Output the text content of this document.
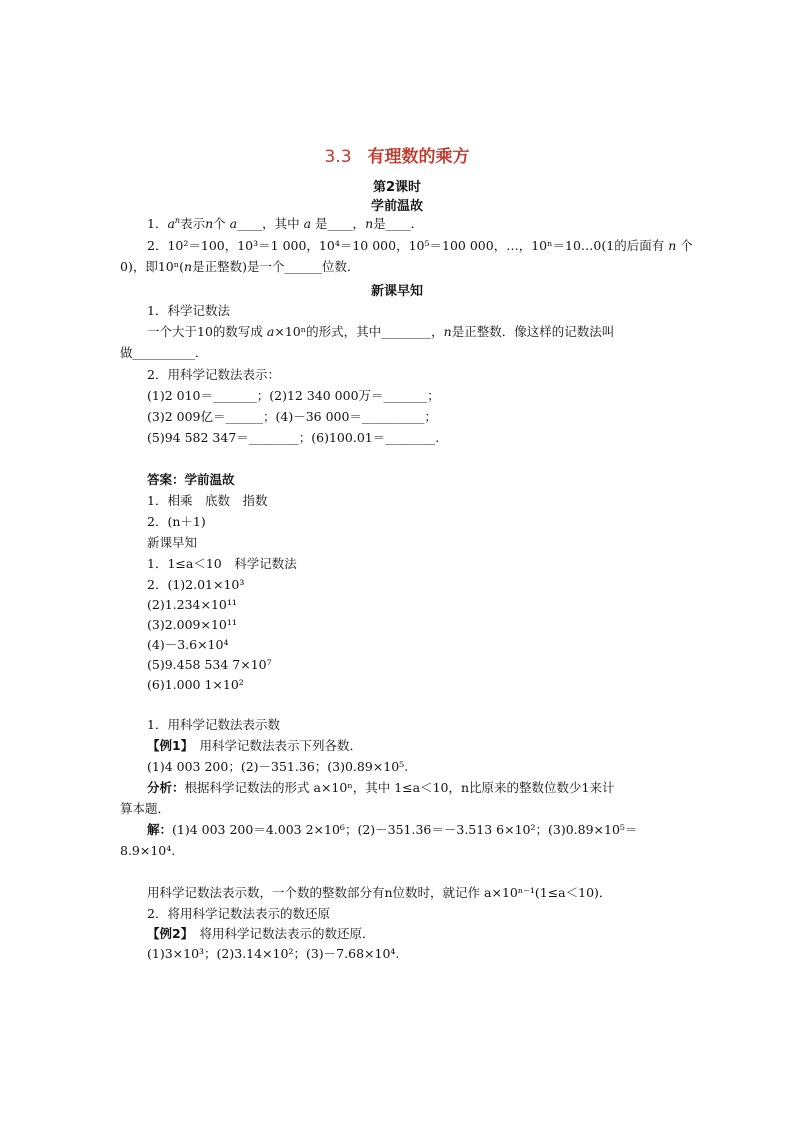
3.3 有理数的乘方
第2课时
学前温故
1．$a^n$表示n个 a____，其中 a 是____，n是____．
2．10²＝100，10³＝1 000，10⁴＝10 000，10⁵＝100 000，…，10ⁿ＝10…0(1的后面有 n 个
0)，即10ⁿ(n是正整数)是一个______位数．
新课早知
1．科学记数法
一个大于10的数写成 a×10ⁿ的形式，其中________，n是正整数．像这样的记数法叫
做__________．
2．用科学记数法表示：
(1)2 010＝_______；(2)12 340 000万＝_______；
(3)2 009亿＝______；(4)－36 000＝__________；
(5)94 582 347＝________；(6)100.01＝________.
答案：学前温故
1．相乘　底数　指数
2．(n＋1)
新课早知
1．1≤a＜10　科学记数法
2．(1)2.01×10³
(2)1.234×10¹¹
(3)2.009×10¹¹
(4)－3.6×10⁴
(5)9.458 534 7×10⁷
(6)1.000 1×10²
1．用科学记数法表示数
【例1】　 用科学记数法表示下列各数．
(1)4 003 200；(2)－351.36；(3)0.89×10⁵.
分析：根据科学记数法的形式 a×10ⁿ，其中 1≤a＜10，n比原来的整数位数少1来计
算本题．
解：(1)4 003 200＝4.003 2×10⁶；(2)－351.36＝－3.513 6×10²；(3)0.89×10⁵＝
8.9×10⁴.
用科学记数法表示数，一个数的整数部分有n位数时，就记作 a×10ⁿ⁻¹(1≤a＜10)．
2．将用科学记数法表示的数还原
【例2】　 将用科学记数法表示的数还原．
(1)3×10³；(2)3.14×10²；(3)－7.68×10⁴.
